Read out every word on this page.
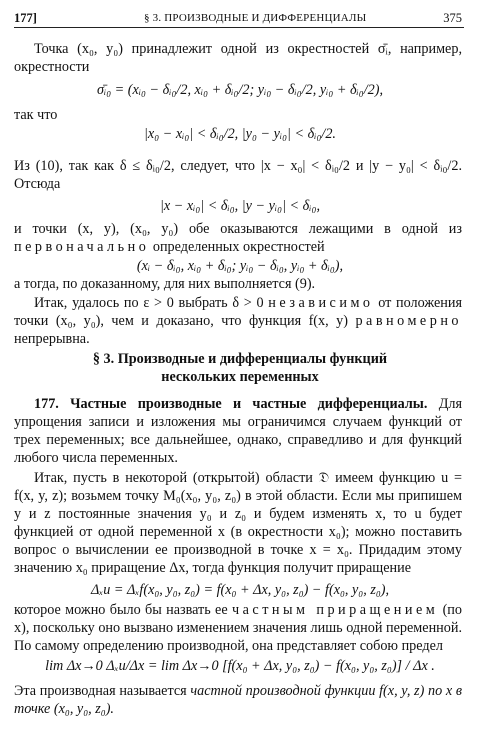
177]	§ 3. ПРОИЗВОДНЫЕ И ДИФФЕРЕНЦИАЛЫ	375
Точка (x₀, y₀) принадлежит одной из окрестностей σ̄ᵢ, например, окрестности
σ̄ᵢ₀ = (xᵢ₀ − δᵢ₀/2, xᵢ₀ + δᵢ₀/2; yᵢ₀ − δᵢ₀/2, yᵢ₀ + δᵢ₀/2),
так что
|x₀ − xᵢ₀| < δᵢ₀/2, |y₀ − yᵢ₀| < δᵢ₀/2.
Из (10), так как δ ≤ δᵢ₀/2, следует, что |x − x₀| < δᵢ₀/2 и |y − y₀| < δᵢ₀/2. Отсюда
|x − xᵢ₀| < δᵢ₀, |y − yᵢ₀| < δᵢ₀,
и точки (x, y), (x₀, y₀) обе оказываются лежащими в одной из первоначально определенных окрестностей
(xᵢ − δᵢ₀, xᵢ₀ + δᵢ₀; yᵢ₀ − δᵢ₀, yᵢ₀ + δᵢ₀),
а тогда, по доказанному, для них выполняется (9).
Итак, удалось по ε > 0 выбрать δ > 0 независимо от положения точки (x₀, y₀), чем и доказано, что функция f(x, y) равномерно непрерывна.
§ 3. Производные и дифференциалы функций
нескольких переменных
177. Частные производные и частные дифференциалы. Для упрощения записи и изложения мы ограничимся случаем функций от трех переменных; все дальнейшее, однако, справедливо и для функций любого числа переменных.
Итак, пусть в некоторой (открытой) области 𝔇 имеем функцию u = f(x, y, z); возьмем точку M₀(x₀, y₀, z₀) в этой области. Если мы припишем y и z постоянные значения y₀ и z₀ и будем изменять x, то u будет функцией от одной переменной x (в окрестности x₀); можно поставить вопрос о вычислении ее производной в точке x = x₀. Придадим этому значению x₀ приращение Δx, тогда функция получит приращение
Δₓu = Δₓf(x₀, y₀, z₀) = f(x₀ + Δx, y₀, z₀) − f(x₀, y₀, z₀),
которое можно было бы назвать ее частным приращением (по x), поскольку оно вызвано изменением значения лишь одной переменной. По самому определению производной, она представляет собою предел
lim Δx→0 Δₓu/Δx = lim Δx→0 [f(x₀ + Δx, y₀, z₀) − f(x₀, y₀, z₀)] / Δx .
Эта производная называется частной производной функции f(x, y, z) по x в точке (x₀, y₀, z₀).
